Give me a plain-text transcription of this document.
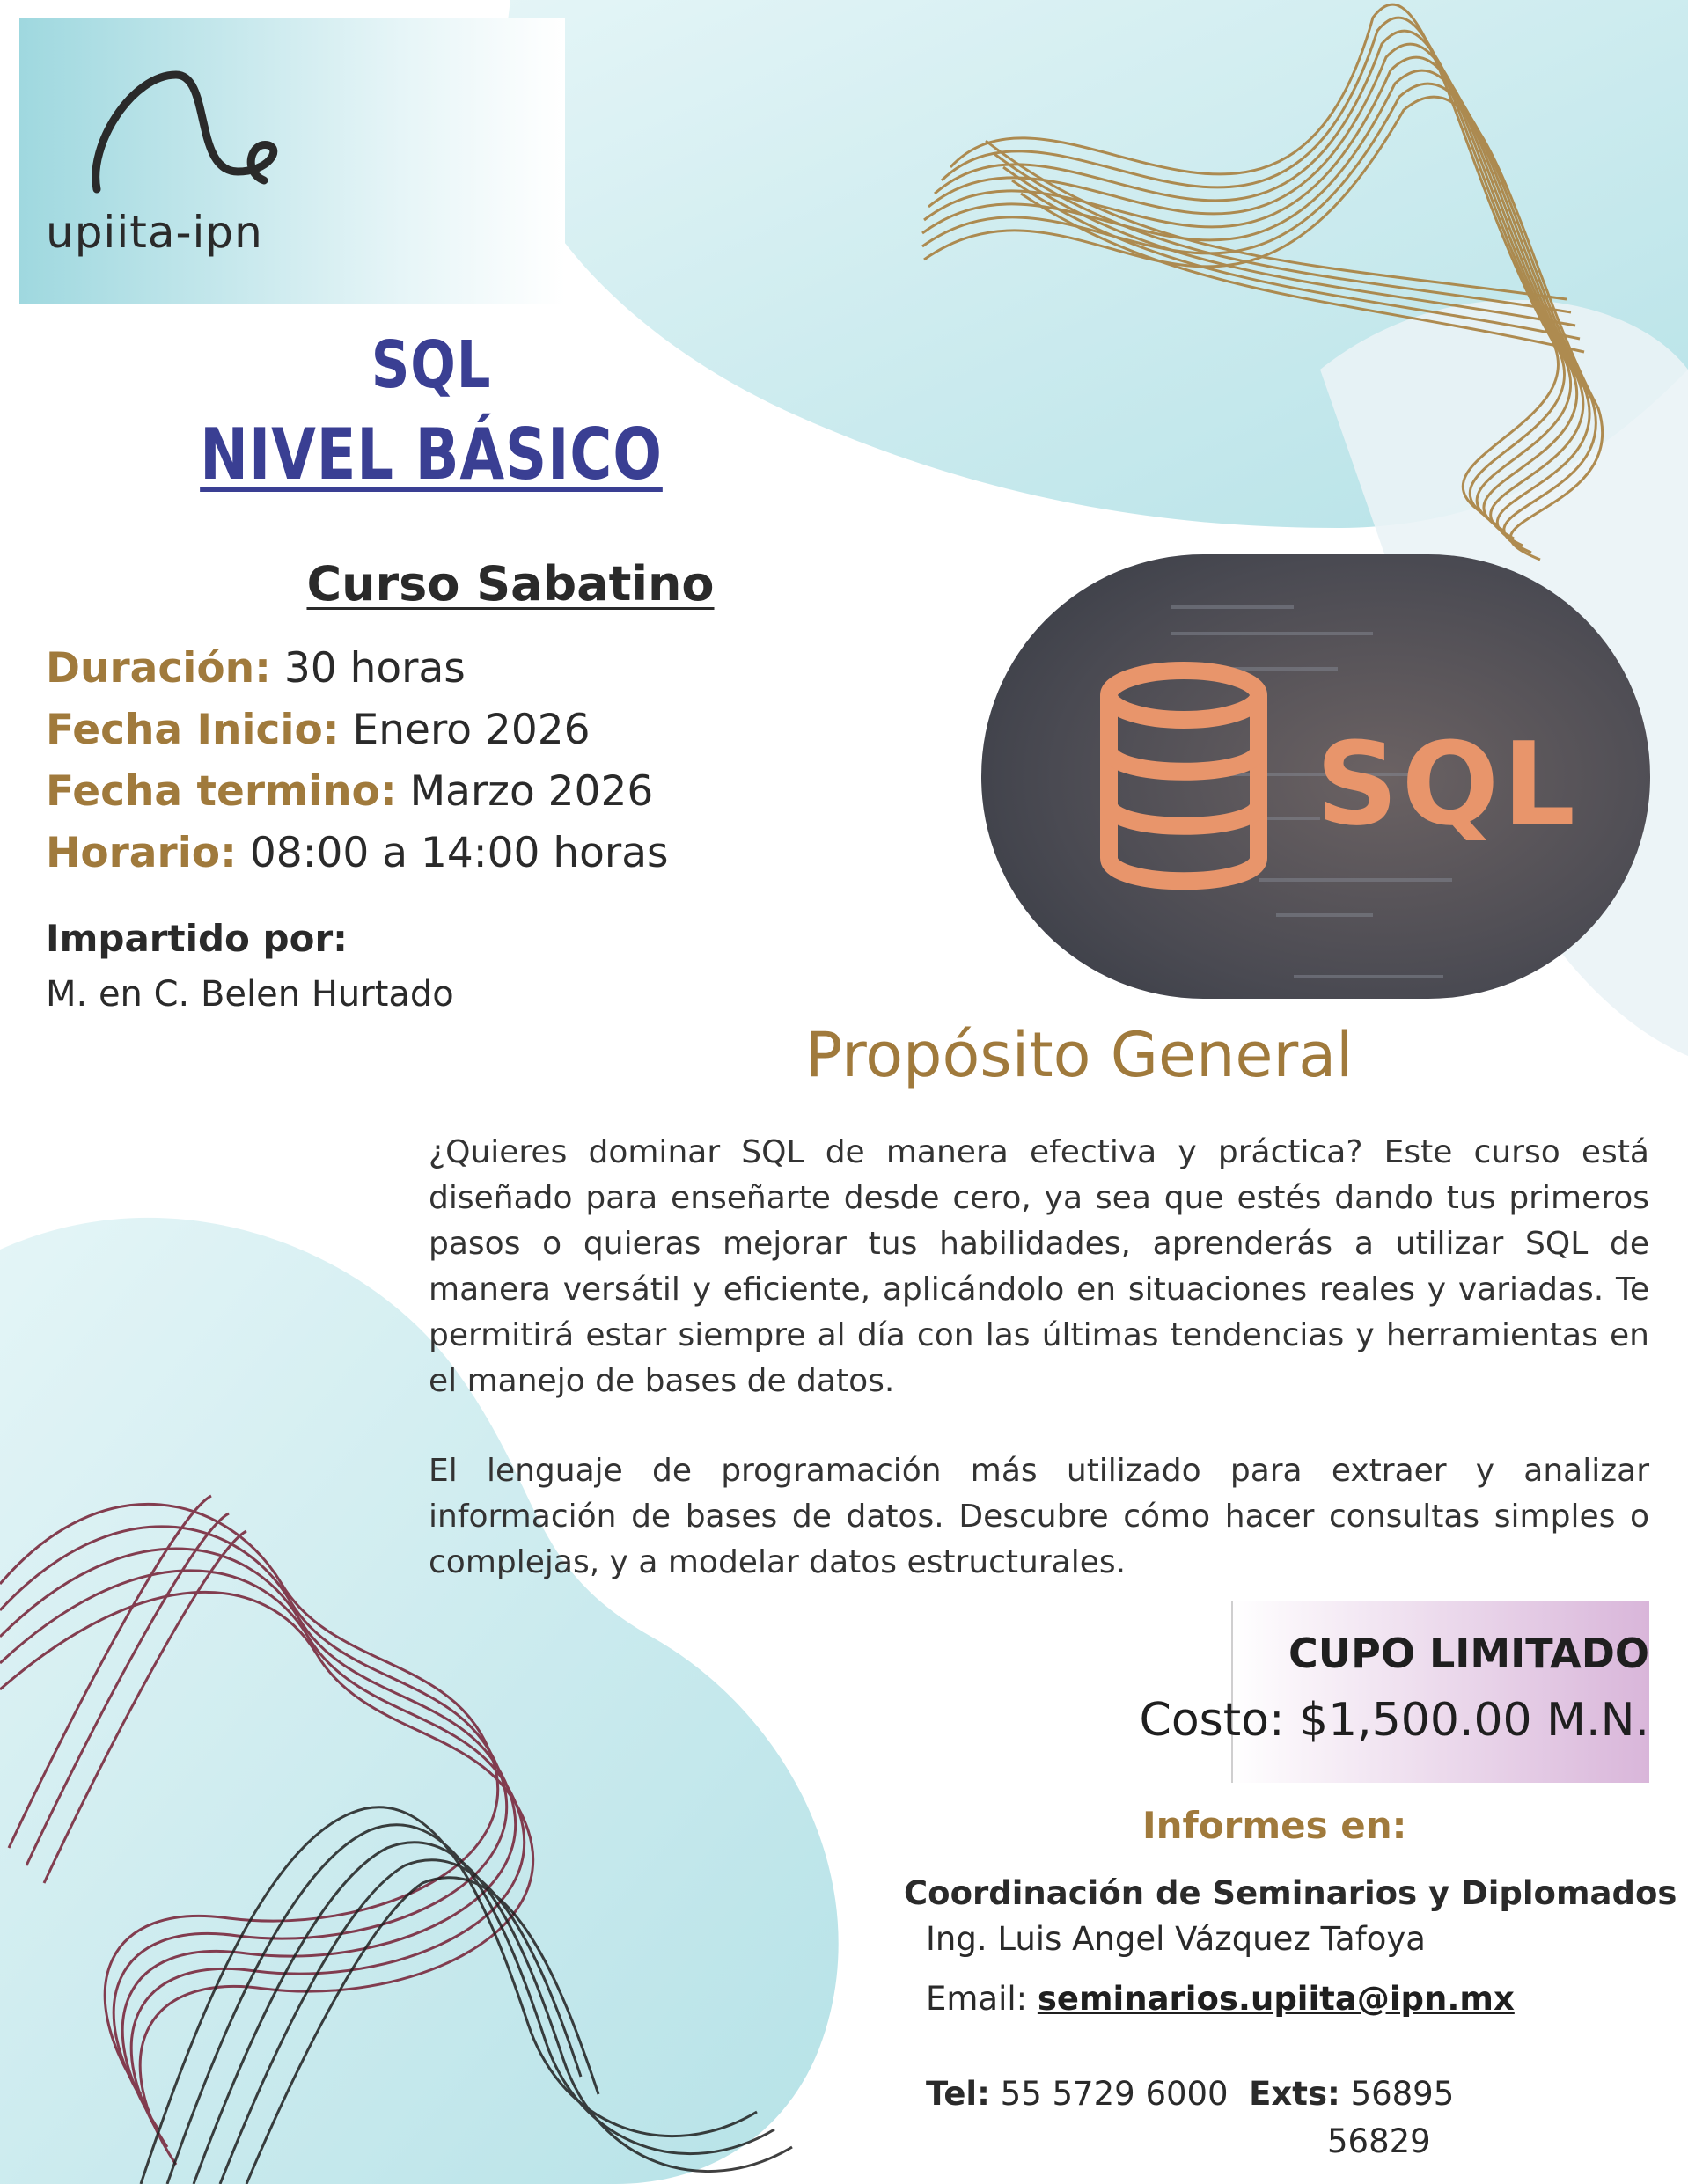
upiita-ipn
SQL
NIVEL BÁSICO
Curso Sabatino
Duración: 30 horas
Fecha Inicio: Enero 2026
Fecha termino: Marzo 2026
Horario: 08:00 a 14:00 horas
Impartido por:
M. en C. Belen Hurtado
SQL
Propósito General
¿Quieres dominar SQL de manera efectiva y práctica? Este curso está diseñado para enseñarte desde cero, ya sea que estés dando tus primeros pasos o quieras mejorar tus habilidades, aprenderás a utilizar SQL de manera versátil y eficiente, aplicándolo en situaciones reales y variadas. Te permitirá estar siempre al día con las últimas tendencias y herramientas en el manejo de bases de datos.
El lenguaje de programación más utilizado para extraer y analizar información de bases de datos. Descubre cómo hacer consultas simples o complejas, y a modelar datos estructurales.
CUPO LIMITADO
Costo: $1,500.00 M.N.
Informes en:
Coordinación de Seminarios y Diplomados
Ing. Luis Angel Vázquez Tafoya
Email: seminarios.upiita@ipn.mx
Tel: 55 5729 6000 Exts: 56895
56829
